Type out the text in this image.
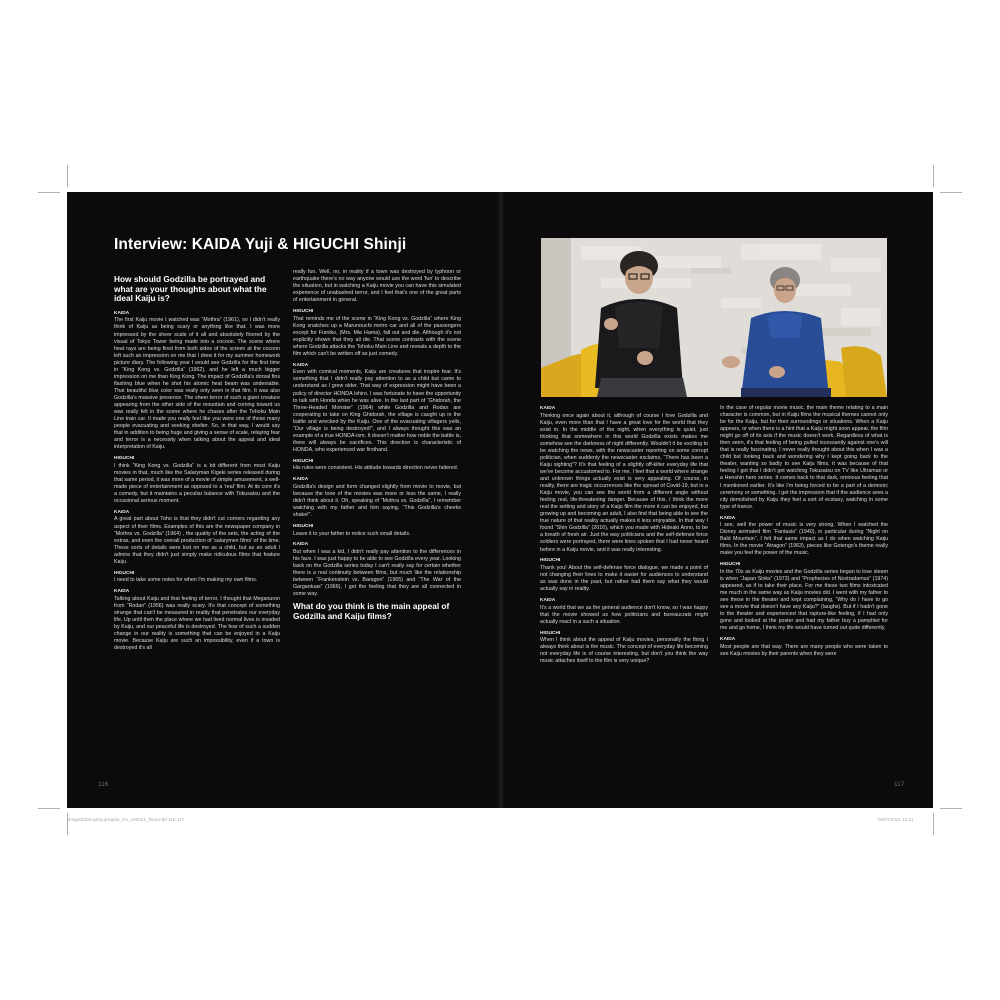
Interview: KAIDA Yuji & HIGUCHI Shinji
How should Godzilla be portrayed and what are your thoughts about what the ideal Kaiju is?

KAIDA

The first Kaiju movie I watched was “Mothra” (1961), so I didn't really think of Kaiju as being scary or anything like that. I was more impressed by the sheer scale of it all and absolutely floored by the visual of Tokyo Tower being made into a cocoon. The scene where heat rays are being fired from both sides of the screen at the cocoon left such an impression on me that I drew it for my summer homework picture diary. The following year I would see Godzilla for the first time in “King Kong vs. Godzilla” (1962), and he left a much bigger impression on me than King Kong. The impact of Godzilla's dorsal fins flashing blue when he shot his atomic heat beam was undeniable. That beautiful blue color was really only seen in that film. It was also Godzilla's massive presence. The sheer terror of such a giant creature appearing from the other side of the mountain and coming toward us was really felt in the scene where he chases after the Tohoku Main Line train car. It made you really feel like you were one of those many people evacuating and seeking shelter. So, in that way, I would say that in addition to being huge and giving a sense of scale, relaying fear and terror is a necessity when talking about the appeal and ideal interpretation of Kaiju.

HIGUCHI

I think “King Kong vs. Godzilla” is a bit different from most Kaiju movies in that, much like the Salaryman Kigeki series released during that same period, it was more of a movie of simple amusement, a well-made piece of entertainment as opposed to a 'real' film. At its core it's a comedy, but it maintains a peculiar balance with Tokusatsu and the occasional serious moment.

KAIDA

A great part about Toho is that they didn't cut corners regarding any aspect of their films. Examples of this are the newspaper company in “Mothra vs. Godzilla” (1964) , the quality of the sets, the acting of the extras, and even the overall production of 'salarymen films' of the time. These sorts of details were lost on me as a child, but as an adult I admire that they didn't just simply make ridiculous films that feature Kaiju.

HIGUCHI

I need to take some notes for when I'm making my own films.

KAIDA

Talking about Kaiju and that feeling of terror, I thought that Meganuron from “Rodan” (1956) was really scary. It's that concept of something strange that can't be measured in reality that penetrates our everyday life. Up until then the place where we had lived normal lives is invaded by Kaiju, and our peaceful life is destroyed. The fear of such a sudden change in our reality is something that can be enjoyed in a Kaiju movie. Because Kaiju are such an impossibility, even if a town is destroyed it's all

really fun. Well, no, in reality if a town was destroyed by typhoon or earthquake there's no way anyone would use the word 'fun' to describe the situation, but in watching a Kaiju movie you can have this simulated experience of unabashed terror, and I feel that's one of the great parts of entertainment in general.

HIGUCHI

That reminds me of the scene in “King Kong vs. Godzilla” where King Kong snatches up a Marunouchi metro car and all of the passengers except for Fumiko, (Mrs. Mie Hama), fall out and die. Although it's not explicitly shown that they all die. That scene contrasts with the scene where Godzilla attacks the Tohoku Main Line and reveals a depth to the film which can't be written off as just comedy.

KAIDA

Even with comical moments, Kaiju are creatures that inspire fear. It's something that I didn't really pay attention to as a child but came to understand as I grew older. That way of expression might have been a policy of director HONDA Ishiro. I was fortunate to have the opportunity to talk with Honda when he was alive. In the last part of “Ghidorah, the Three-Headed Monster” (1964) while Godzilla and Rodan are cooperating to take on King Ghidorah, the village is caught up in the battle and wrecked by the Kaiju. One of the evacuating villagers yells, “Our village is being destroyed!”, and I always thought this was an example of a true HONDA-ism. It doesn't matter how noble the battle is, there will always be sacrifices. This direction is characteristic of HONDA, who experienced war firsthand.

HIGUCHI

His rules were consistent. His attitude towards direction never faltered.

KAIDA

Godzilla's design and form changed slightly from movie to movie, but because the tone of the movies was more or less the same, I really didn't think about it. Oh, speaking of “Mothra vs. Godzilla”, I remember watching with my father and him saying, “This Godzilla's cheeks shake!”.

HIGUCHI

Leave it to your father to notice such small details.

KAIDA

But when I was a kid, I didn't really pay attention to the differences in his face. I was just happy to be able to see Godzilla every year. Looking back on the Godzilla series today I can't really say for certain whether there is a real continuity between films, but much like the relationship between “Frankenstein vs. Baragon” (1965) and “The War of the Gargantuas” (1966), I get the feeling that they are all connected in some way.

What do you think is the main appeal of Godzilla and Kaiju films?

KAIDA

Thinking once again about it, although of course I love Godzilla and Kaiju, even more than that I have a great love for the world that they exist in. In the middle of the night, when everything is quiet, just thinking that somewhere in this world Godzilla exists makes me somehow see the darkness of night differently. Wouldn't it be exciting to be watching the news, with the newscaster reporting on some corrupt politician, when suddenly the newscaster exclaims, “There has been a Kaiju sighting”? It's that feeling of a slightly off-kilter everyday life that we've become accustomed to. For me, I feel that a world where strange and unknown things actually exist is very appealing. Of course, in reality, there are tragic occurrences like the spread of Covid-19, but in a Kaiju movie, you can see the world from a different angle without feeling real, life-threatening danger. Because of this, I think the more real the setting and story of a Kaiju film the more it can be enjoyed, but growing up and becoming an adult, I also find that being able to see the true nature of that reality actually makes it less enjoyable. In that way I found “Shin Godzilla” (2016), which you made with Hideaki Anno, to be a breath of fresh air. Just the way politicians and the self-defense force soldiers were portrayed, there were lines spoken that I had never heard before in a Kaiju movie, and it was really interesting.

HIGUCHI

Thank you! About the self-defense force dialogue, we made a point of not changing their lines to make it easier for audiences to understand as was done in the past, but rather had them say what they would actually say in reality.

KAIDA

It's a world that we as the general audience don't know, so I was happy that the movie showed us how politicians and bureaucrats might actually react in a such a situation.

HIGUCHI

When I think about the appeal of Kaiju movies, personally the thing I always think about is the music. The concept of everyday life becoming not everyday life is of course interesting, but don't you think the way music attaches itself to the film is very unique?

In the case of regular movie music, the main theme relating to a main character is common, but in Kaiju films the musical themes cannot only be for the Kaiju, but for their surroundings or situations. When a Kaiju appears, or when there is a hint that a Kaiju might soon appear, the film might go off of its axis if the music doesn't work. Regardless of what is then seen, it's that feeling of being pulled incessantly against one's will that is really fascinating. I never really thought about this when I was a child but looking back and wondering why I kept going back to the theater, wanting so badly to see Kaiju films, it was because of that feeling I got that I didn't get watching Tokusatsu on TV like Ultraman or a Henshin hero series. It comes back to that dark, ominous feeling that I mentioned earlier. It's like I'm being forced to be a part of a demonic ceremony or something. I get the impression that if the audience sees a city demolished by Kaiju they feel a sort of ecstasy, watching in some type of trance.

KAIDA

I see, well the power of music is very strong. When I watched the Disney animated film “Fantasia” (1940), in particular during “Night on Bald Mountain”, I felt that same impact as I do when watching Kaiju films. In the movie “Atragon” (1963), pieces like Gotengo's theme really make you feel the power of the music.

HIGUCHI

In the 70s as Kaiju movies and the Godzilla series began to lose steam is when “Japan Sinks” (1973) and “Prophecies of Nostradamus” (1974) appeared, as if to take their place. For me these two films intoxicated me much in the same way as Kaiju movies did. I went with my father to see these in the theater and kept complaining, “Why do I have to go see a movie that doesn't have any Kaiju?” (laughs). But if I hadn't gone to the theater and experienced that rapture-like feeling, if I had only gone and looked at the poster and had my father buy a pamphlet for me and go home, I think my life would have turned out quite differently.

KAIDA

Most people are that way. There are many people who were taken to see Kaiju movies by their parents when they were

116	117
thegodzillamythyuji-kaida_cm_240521_final.indd 116-117	05/07/2021 12:31
